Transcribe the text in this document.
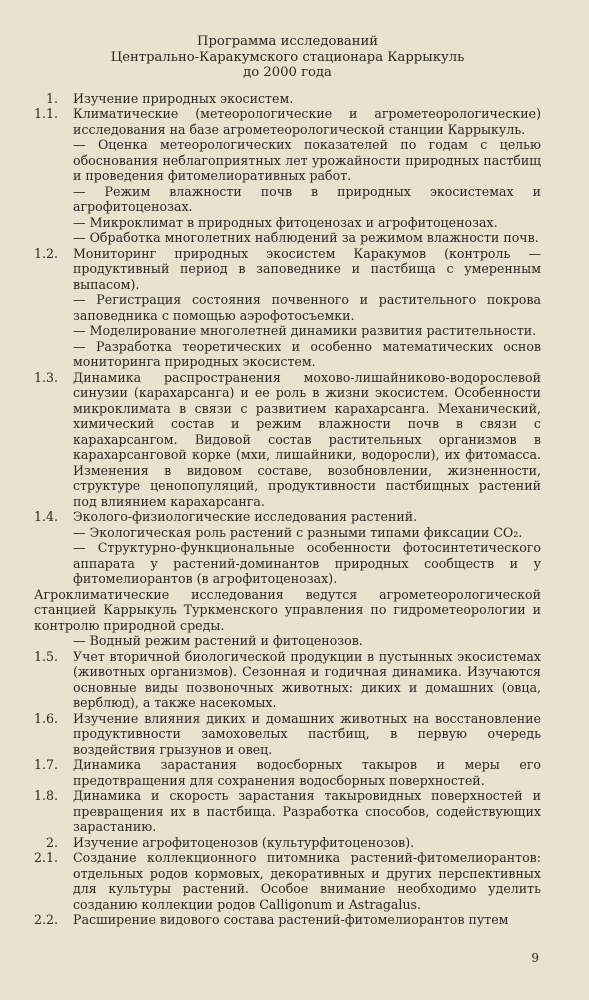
Программа исследований
Центрально-Каракумского стационара Каррыкуль
до 2000 года
1.	Изучение природных экосистем.
1.1.	Климатические (метеорологические и агрометеорологические) исследования на базе агрометеорологической станции Каррыкуль.
— Оценка метеорологических показателей по годам с целью обоснования неблагоприятных лет урожайности природных пастбищ и проведения фитомелиоративных работ.
— Режим влажности почв в природных экосистемах и агрофитоценозах.
— Микроклимат в природных фитоценозах и агрофитоценозах.
— Обработка многолетних наблюдений за режимом влажности почв.
1.2.	Мониторинг природных экосистем Каракумов (контроль — продуктивный период в заповеднике и пастбища с умеренным выпасом).
— Регистрация состояния почвенного и растительного покрова заповедника с помощью аэрофотосъемки.
— Моделирование многолетней динамики развития растительности.
— Разработка теоретических и особенно математических основ мониторинга природных экосистем.
1.3.	Динамика распространения мохово-лишайниково-водорослевой синузии (карахарсанга) и ее роль в жизни экосистем. Особенности микроклимата в связи с развитием карахарсанга. Механический, химический состав и режим влажности почв в связи с карахарсангом. Видовой состав растительных организмов в карахарсанговой корке (мхи, лишайники, водоросли), их фитомасса. Изменения в видовом составе, возобновлении, жизненности, структуре ценопопуляций, продуктивности пастбищных растений под влиянием карахарсанга.
1.4.	Эколого-физиологические исследования растений.
— Экологическая роль растений с разными типами фиксации CO₂.
— Структурно-функциональные особенности фотосинтетического аппарата у растений-доминантов природных сообществ и у фитомелиорантов (в агрофитоценозах).
Агроклиматические исследования ведутся агрометеорологической станцией Каррыкуль Туркменского управления по гидрометеорологии и контролю природной среды.
— Водный режим растений и фитоценозов.
1.5.	Учет вторичной биологической продукции в пустынных экосистемах (животных организмов). Сезонная и годичная динамика. Изучаются основные виды позвоночных животных: диких и домашних (овца, верблюд), а также насекомых.
1.6.	Изучение влияния диких и домашних животных на восстановление продуктивности замоховелых пастбищ, в первую очередь воздействия грызунов и овец.
1.7.	Динамика зарастания водосборных такыров и меры его предотвращения для сохранения водосборных поверхностей.
1.8.	Динамика и скорость зарастания такыровидных поверхностей и превращения их в пастбища. Разработка способов, содействующих зарастанию.
2.	Изучение агрофитоценозов (культурфитоценозов).
2.1.	Создание коллекционного питомника растений-фитомелиорантов: отдельных родов кормовых, декоративных и других перспективных для культуры растений. Особое внимание необходимо уделить созданию коллекции родов Calligonum и Astragalus.
2.2.	Расширение видового состава растений-фитомелиорантов путем
9
